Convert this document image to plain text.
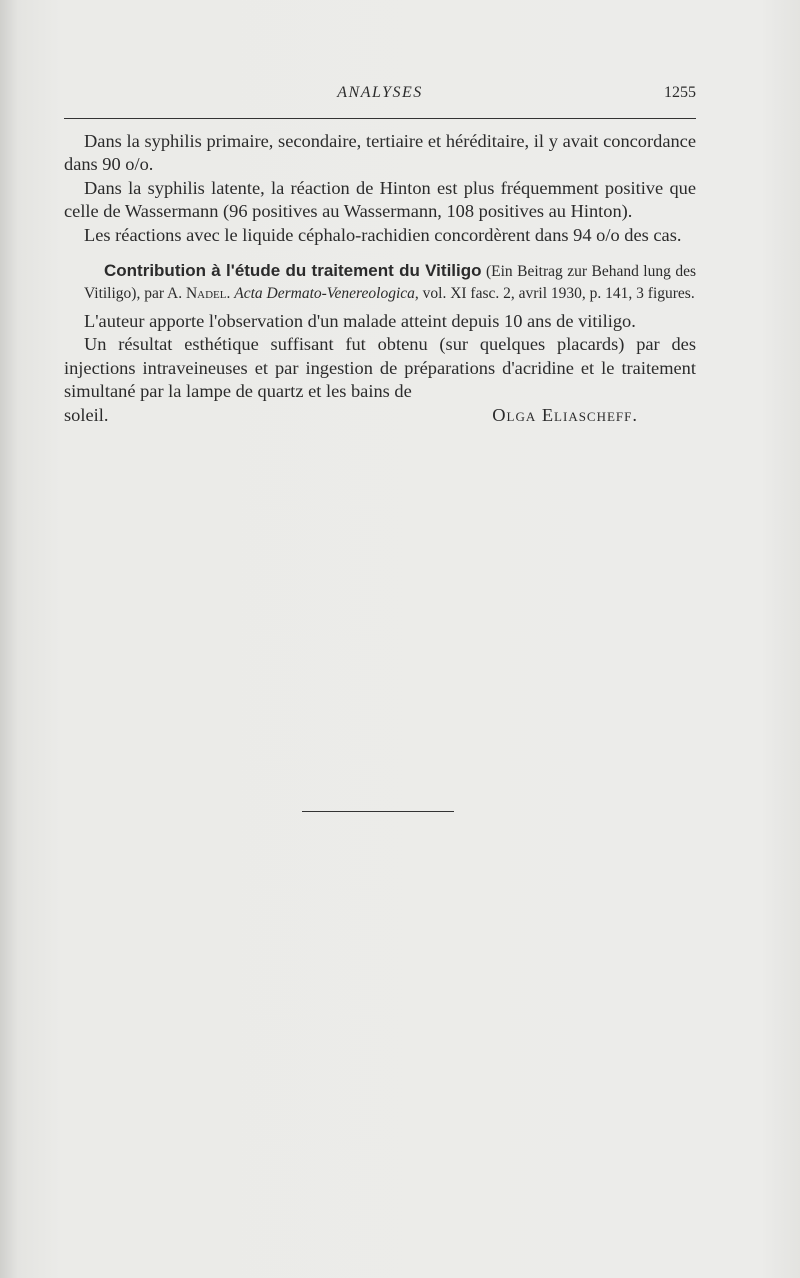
ANALYSES	1255

Dans la syphilis primaire, secondaire, tertiaire et héréditaire, il y avait concordance dans 90 o/o.

Dans la syphilis latente, la réaction de Hinton est plus fréquemment positive que celle de Wassermann (96 positives au Wassermann, 108 positives au Hinton).

Les réactions avec le liquide céphalo-rachidien concordèrent dans 94 o/o des cas.

Contribution à l'étude du traitement du Vitiligo (Ein Beitrag zur Behand lung des Vitiligo), par A. Nadel. Acta Dermato-Venereologica, vol. XI fasc. 2, avril 1930, p. 141, 3 figures.

L'auteur apporte l'observation d'un malade atteint depuis 10 ans de vitiligo.

Un résultat esthétique suffisant fut obtenu (sur quelques placards) par des injections intraveineuses et par ingestion de préparations d'acridine et le traitement simultané par la lampe de quartz et les bains de

soleil.	Olga Eliascheff.
